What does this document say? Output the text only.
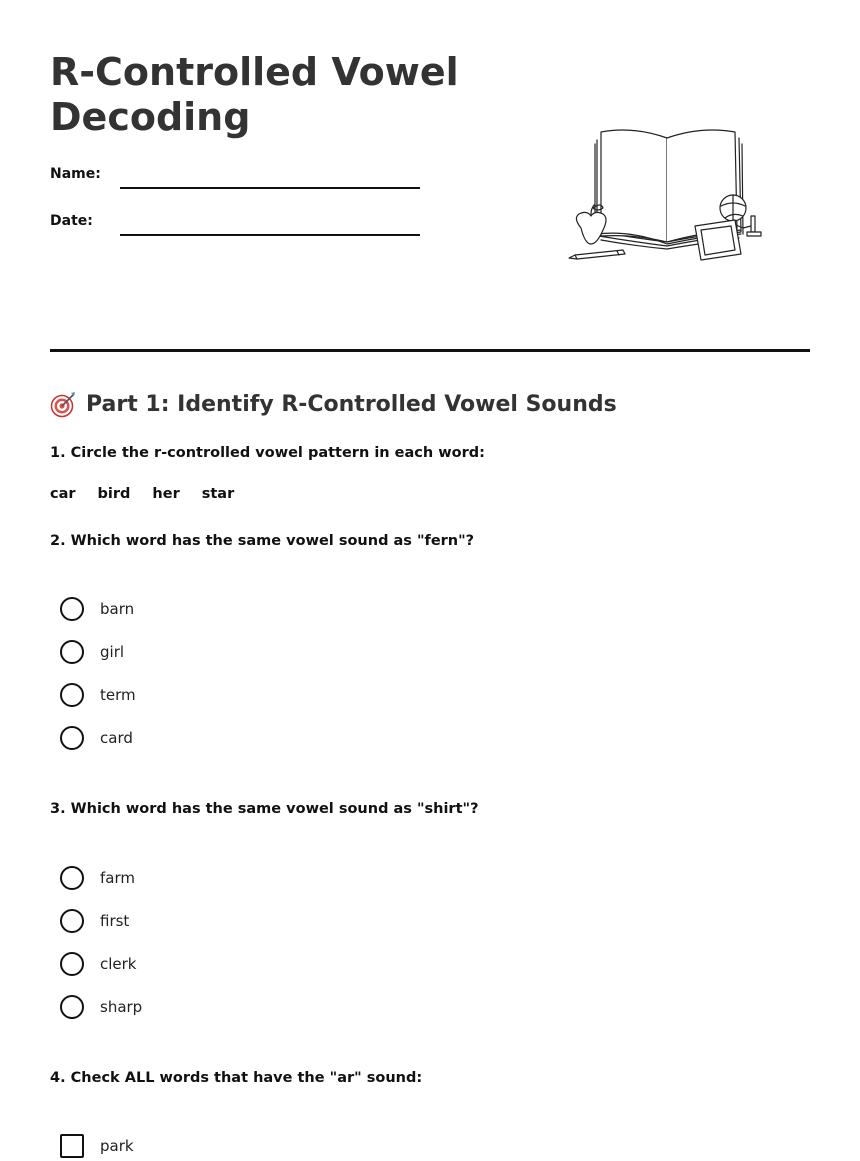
R-Controlled Vowel Decoding
Name:
Date:
Part 1: Identify R-Controlled Vowel Sounds
1. Circle the r-controlled vowel pattern in each word:
car bird her star
2. Which word has the same vowel sound as "fern"?
barn
girl
term
card
3. Which word has the same vowel sound as "shirt"?
farm
first
clerk
sharp
4. Check ALL words that have the "ar" sound:
park
